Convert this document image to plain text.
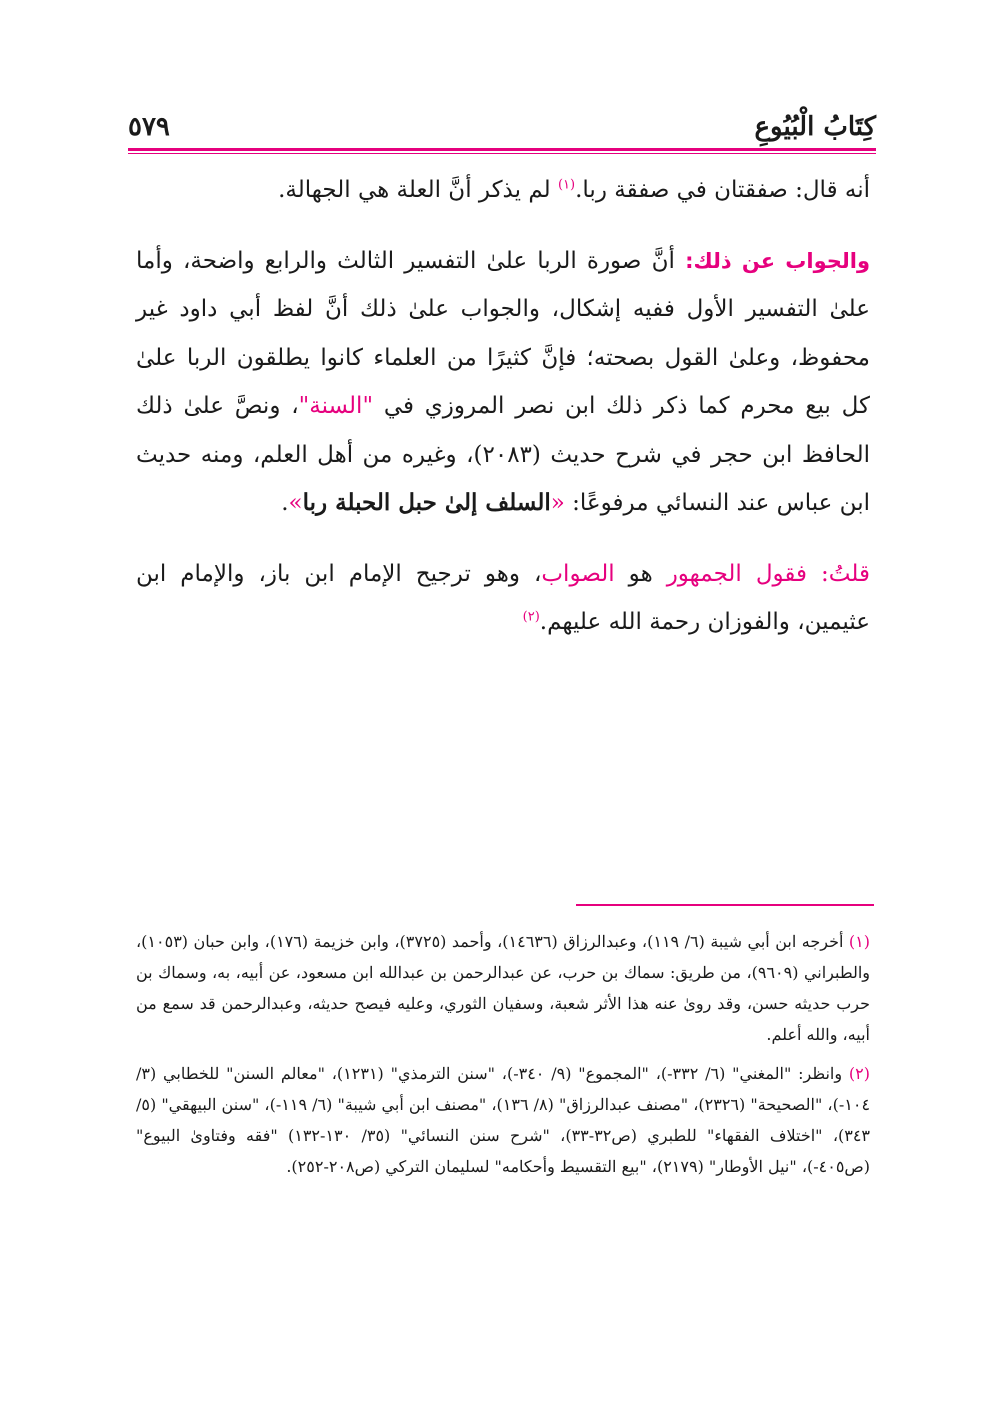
كِتَابُ الْبُيُوعِ
٥٧٩

أنه قال: صفقتان في صفقة ربا.$^{(١)}$ لم يذكر أنَّ العلة هي الجهالة.

والجواب عن ذلك: أنَّ صورة الربا علىٰ التفسير الثالث والرابع واضحة، وأما علىٰ التفسير الأول ففيه إشكال، والجواب علىٰ ذلك أنَّ لفظ أبي داود غير محفوظ، وعلىٰ القول بصحته؛ فإنَّ كثيرًا من العلماء كانوا يطلقون الربا علىٰ كل بيع محرم كما ذكر ذلك ابن نصر المروزي في "السنة"، ونصَّ علىٰ ذلك الحافظ ابن حجر في شرح حديث (٢٠٨٣)، وغيره من أهل العلم، ومنه حديث ابن عباس عند النسائي مرفوعًا: «السلف إلىٰ حبل الحبلة ربا».

قلتُ: فقول الجمهور هو الصواب، وهو ترجيح الإمام ابن باز، والإمام ابن عثيمين، والفوزان رحمة الله عليهم.$^{(٢)}$

(١) أخرجه ابن أبي شيبة (٦/ ١١٩)، وعبدالرزاق (١٤٦٣٦)، وأحمد (٣٧٢٥)، وابن خزيمة (١٧٦)، وابن حبان (١٠٥٣)، والطبراني (٩٦٠٩)، من طريق: سماك بن حرب، عن عبدالرحمن بن عبدالله ابن مسعود، عن أبيه، به، وسماك بن حرب حديثه حسن، وقد روىٰ عنه هذا الأثر شعبة، وسفيان الثوري، وعليه فيصح حديثه، وعبدالرحمن قد سمع من أبيه، والله أعلم.

(٢) وانظر: "المغني" (٦/ ٣٣٢-)، "المجموع" (٩/ ٣٤٠-)، "سنن الترمذي" (١٢٣١)، "معالم السنن" للخطابي (٣/ ١٠٤-)، "الصحيحة" (٢٣٢٦)، "مصنف عبدالرزاق" (٨/ ١٣٦)، "مصنف ابن أبي شيبة" (٦/ ١١٩-)، "سنن البيهقي" (٥/ ٣٤٣)، "اختلاف الفقهاء" للطبري (ص٣٢-٣٣)، "شرح سنن النسائي" (٣٥/ ١٣٠-١٣٢) "فقه وفتاوىٰ البيوع" (ص٤٠٥-)، "نيل الأوطار" (٢١٧٩)، "بيع التقسيط وأحكامه" لسليمان التركي (ص٢٠٨-٢٥٢).
